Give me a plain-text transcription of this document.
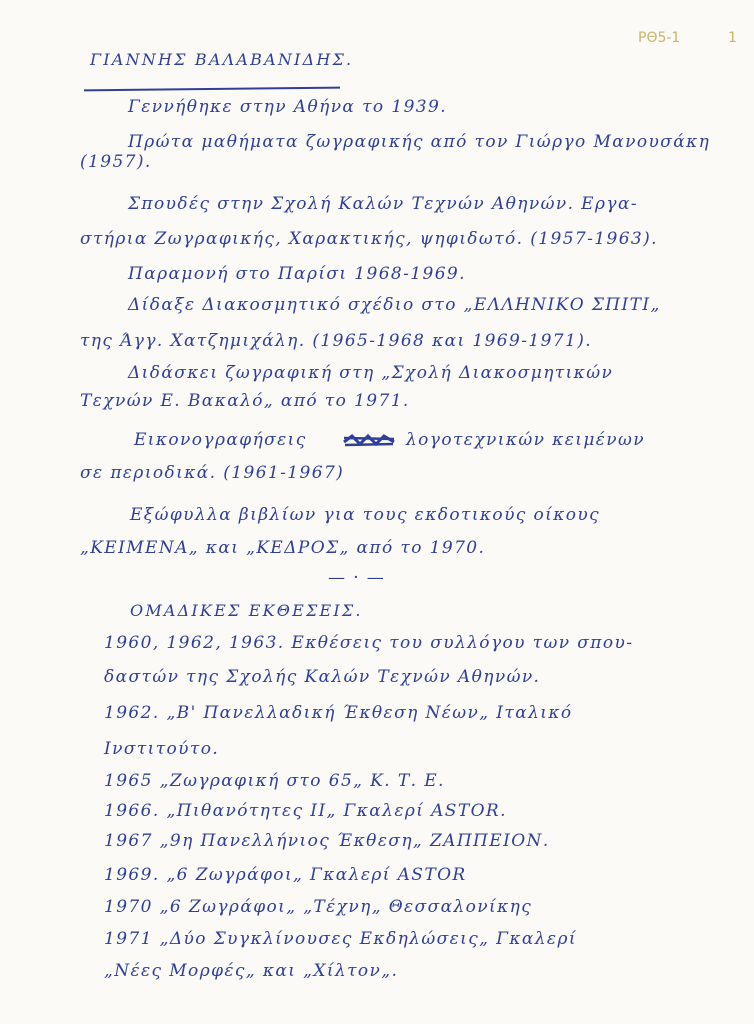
ΡΘ5-1	1
ΓΙΑΝΝΗΣ ΒΑΛΑΒΑΝΙΔΗΣ.
Γεννήθηκε στην Αθήνα το 1939.
Πρώτα μαθήματα ζωγραφικής από τον Γιώργο Μανουσάκη
(1957).
Σπουδές στην Σχολή Καλών Τεχνών Αθηνών. Εργα-
στήρια Ζωγραφικής, Χαρακτικής, ψηφιδωτό. (1957-1963).
Παραμονή στο Παρίσι 1968-1969.
Δίδαξε Διακοσμητικό σχέδιο στο „ΕΛΛΗΝΙΚΟ ΣΠΙΤΙ„
της Άγγ. Χατζημιχάλη. (1965-1968 και 1969-1971).
Διδάσκει ζωγραφική στη „Σχολή Διακοσμητικών
Τεχνών Ε. Βακαλό„ από το 1971.
Εικονογραφήσεις	λογοτεχνικών κειμένων
σε περιοδικά. (1961-1967)
Εξώφυλλα βιβλίων για τους εκδοτικούς οίκους
„ΚΕΙΜΕΝΑ„ και „ΚΕΔΡΟΣ„ από το 1970.
— · —
ΟΜΑΔΙΚΕΣ ΕΚΘΕΣΕΙΣ.
1960, 1962, 1963. Εκθέσεις του συλλόγου των σπου-
δαστών της Σχολής Καλών Τεχνών Αθηνών.
1962. „Β' Πανελλαδική Έκθεση Νέων„ Ιταλικό
Ινστιτούτο.
1965 „Ζωγραφική στο 65„ Κ. Τ. Ε.
1966. „Πιθανότητες ΙΙ„ Γκαλερί ASTOR.
1967 „9η Πανελλήνιος Έκθεση„ ΖΑΠΠΕΙΟΝ.
1969. „6 Ζωγράφοι„ Γκαλερί ASTOR
1970 „6 Ζωγράφοι„ „Τέχνη„ Θεσσαλονίκης
1971 „Δύο Συγκλίνουσες Εκδηλώσεις„ Γκαλερί
„Νέες Μορφές„ και „Χίλτον„.
